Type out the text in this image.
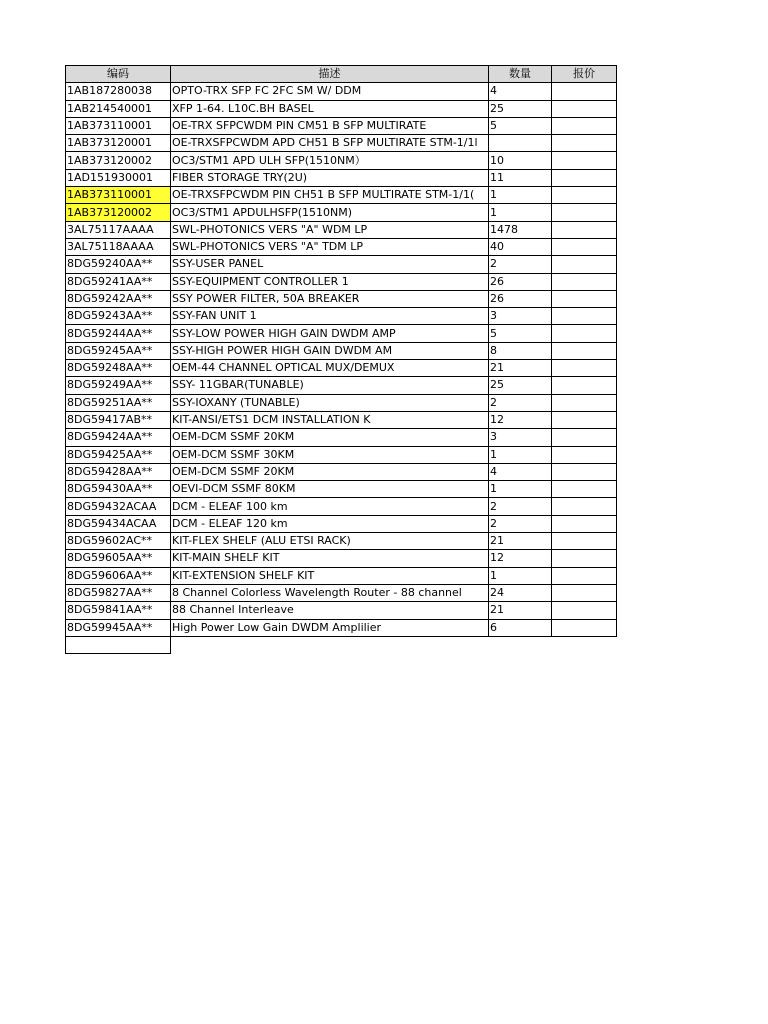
编码	描述	数量	报价
1AB187280038	OPTO-TRX SFP FC 2FC SM W/ DDM	4	
1AB214540001	XFP 1-64. L10C.BH BASEL	25	
1AB373110001	OE-TRX SFPCWDM PIN CM51 B SFP MULTIRATE	5	
1AB373120001	OE-TRXSFPCWDM APD CH51 B SFP MULTIRATE STM-1/1l		
1AB373120002	OC3/STM1 APD ULH SFP(1510NM）	10	
1AD151930001	FIBER STORAGE TRY(2U)	11	
1AB373110001	OE-TRXSFPCWDM PIN CH51 B SFP MULTIRATE STM-1/1(	1	
1AB373120002	OC3/STM1 APDULHSFP(1510NM)	1	
3AL75117AAAA	SWL-PHOTONICS VERS "A" WDM LP	1478	
3AL75118AAAA	SWL-PHOTONICS VERS "A" TDM LP	40	
8DG59240AA**	SSY-USER PANEL	2	
8DG59241AA**	SSY-EQUIPMENT CONTROLLER 1	26	
8DG59242AA**	SSY POWER FILTER, 50A BREAKER	26	
8DG59243AA**	SSY-FAN UNIT 1	3	
8DG59244AA**	SSY-LOW POWER HIGH GAIN DWDM AMP	5	
8DG59245AA**	SSY-HIGH POWER HIGH GAIN DWDM AM	8	
8DG59248AA**	OEM-44 CHANNEL OPTICAL MUX/DEMUX	21	
8DG59249AA**	SSY- 11GBAR(TUNABLE)	25	
8DG59251AA**	SSY-IOXANY (TUNABLE)	2	
8DG59417AB**	KIT-ANSI/ETS1 DCM INSTALLATION K	12	
8DG59424AA**	OEM-DCM SSMF 20KM	3	
8DG59425AA**	OEM-DCM SSMF 30KM	1	
8DG59428AA**	OEM-DCM SSMF 20KM	4	
8DG59430AA**	OEVI-DCM SSMF 80KM	1	
8DG59432ACAA	DCM - ELEAF 100 km	2	
8DG59434ACAA	DCM - ELEAF 120 km	2	
8DG59602AC**	KIT-FLEX SHELF (ALU ETSI RACK)	21	
8DG59605AA**	KIT-MAIN SHELF KIT	12	
8DG59606AA**	KIT-EXTENSION SHELF KIT	1	
8DG59827AA**	8 Channel Colorless Wavelength Router - 88 channel	24	
8DG59841AA**	88 Channel Interleave	21	
8DG59945AA**	High Power Low Gain DWDM Amplilier	6	
